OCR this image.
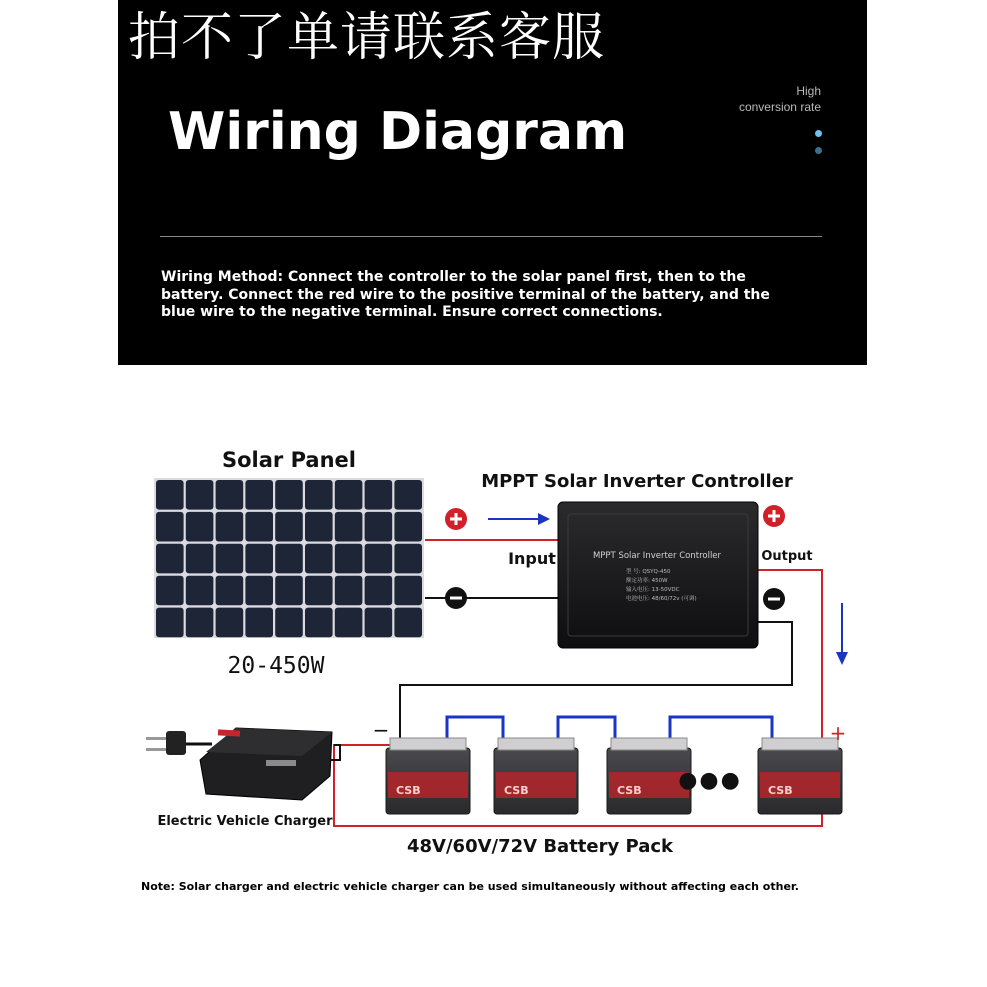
拍不了单请联系客服
Wiring Diagram
High
conversion rate
Wiring Method: Connect the controller to the solar panel first, then to the battery. Connect the red wire to the positive terminal of the battery, and the blue wire to the negative terminal. Ensure correct connections.
Solar Panel
20-450W
MPPT Solar Inverter Controller
型 号: QSYQ-450
额定功率: 450W
输入电压: 13-50VDC
电池电压: 48/60/72v (可调)
MPPT Solar Inverter Controller
Input	Output
CSB	CSB	CSB	CSB
●●●
−	+
48V/60V/72V Battery Pack
Electric Vehicle Charger
Note: Solar charger and electric vehicle charger can be used simultaneously without affecting each other.
